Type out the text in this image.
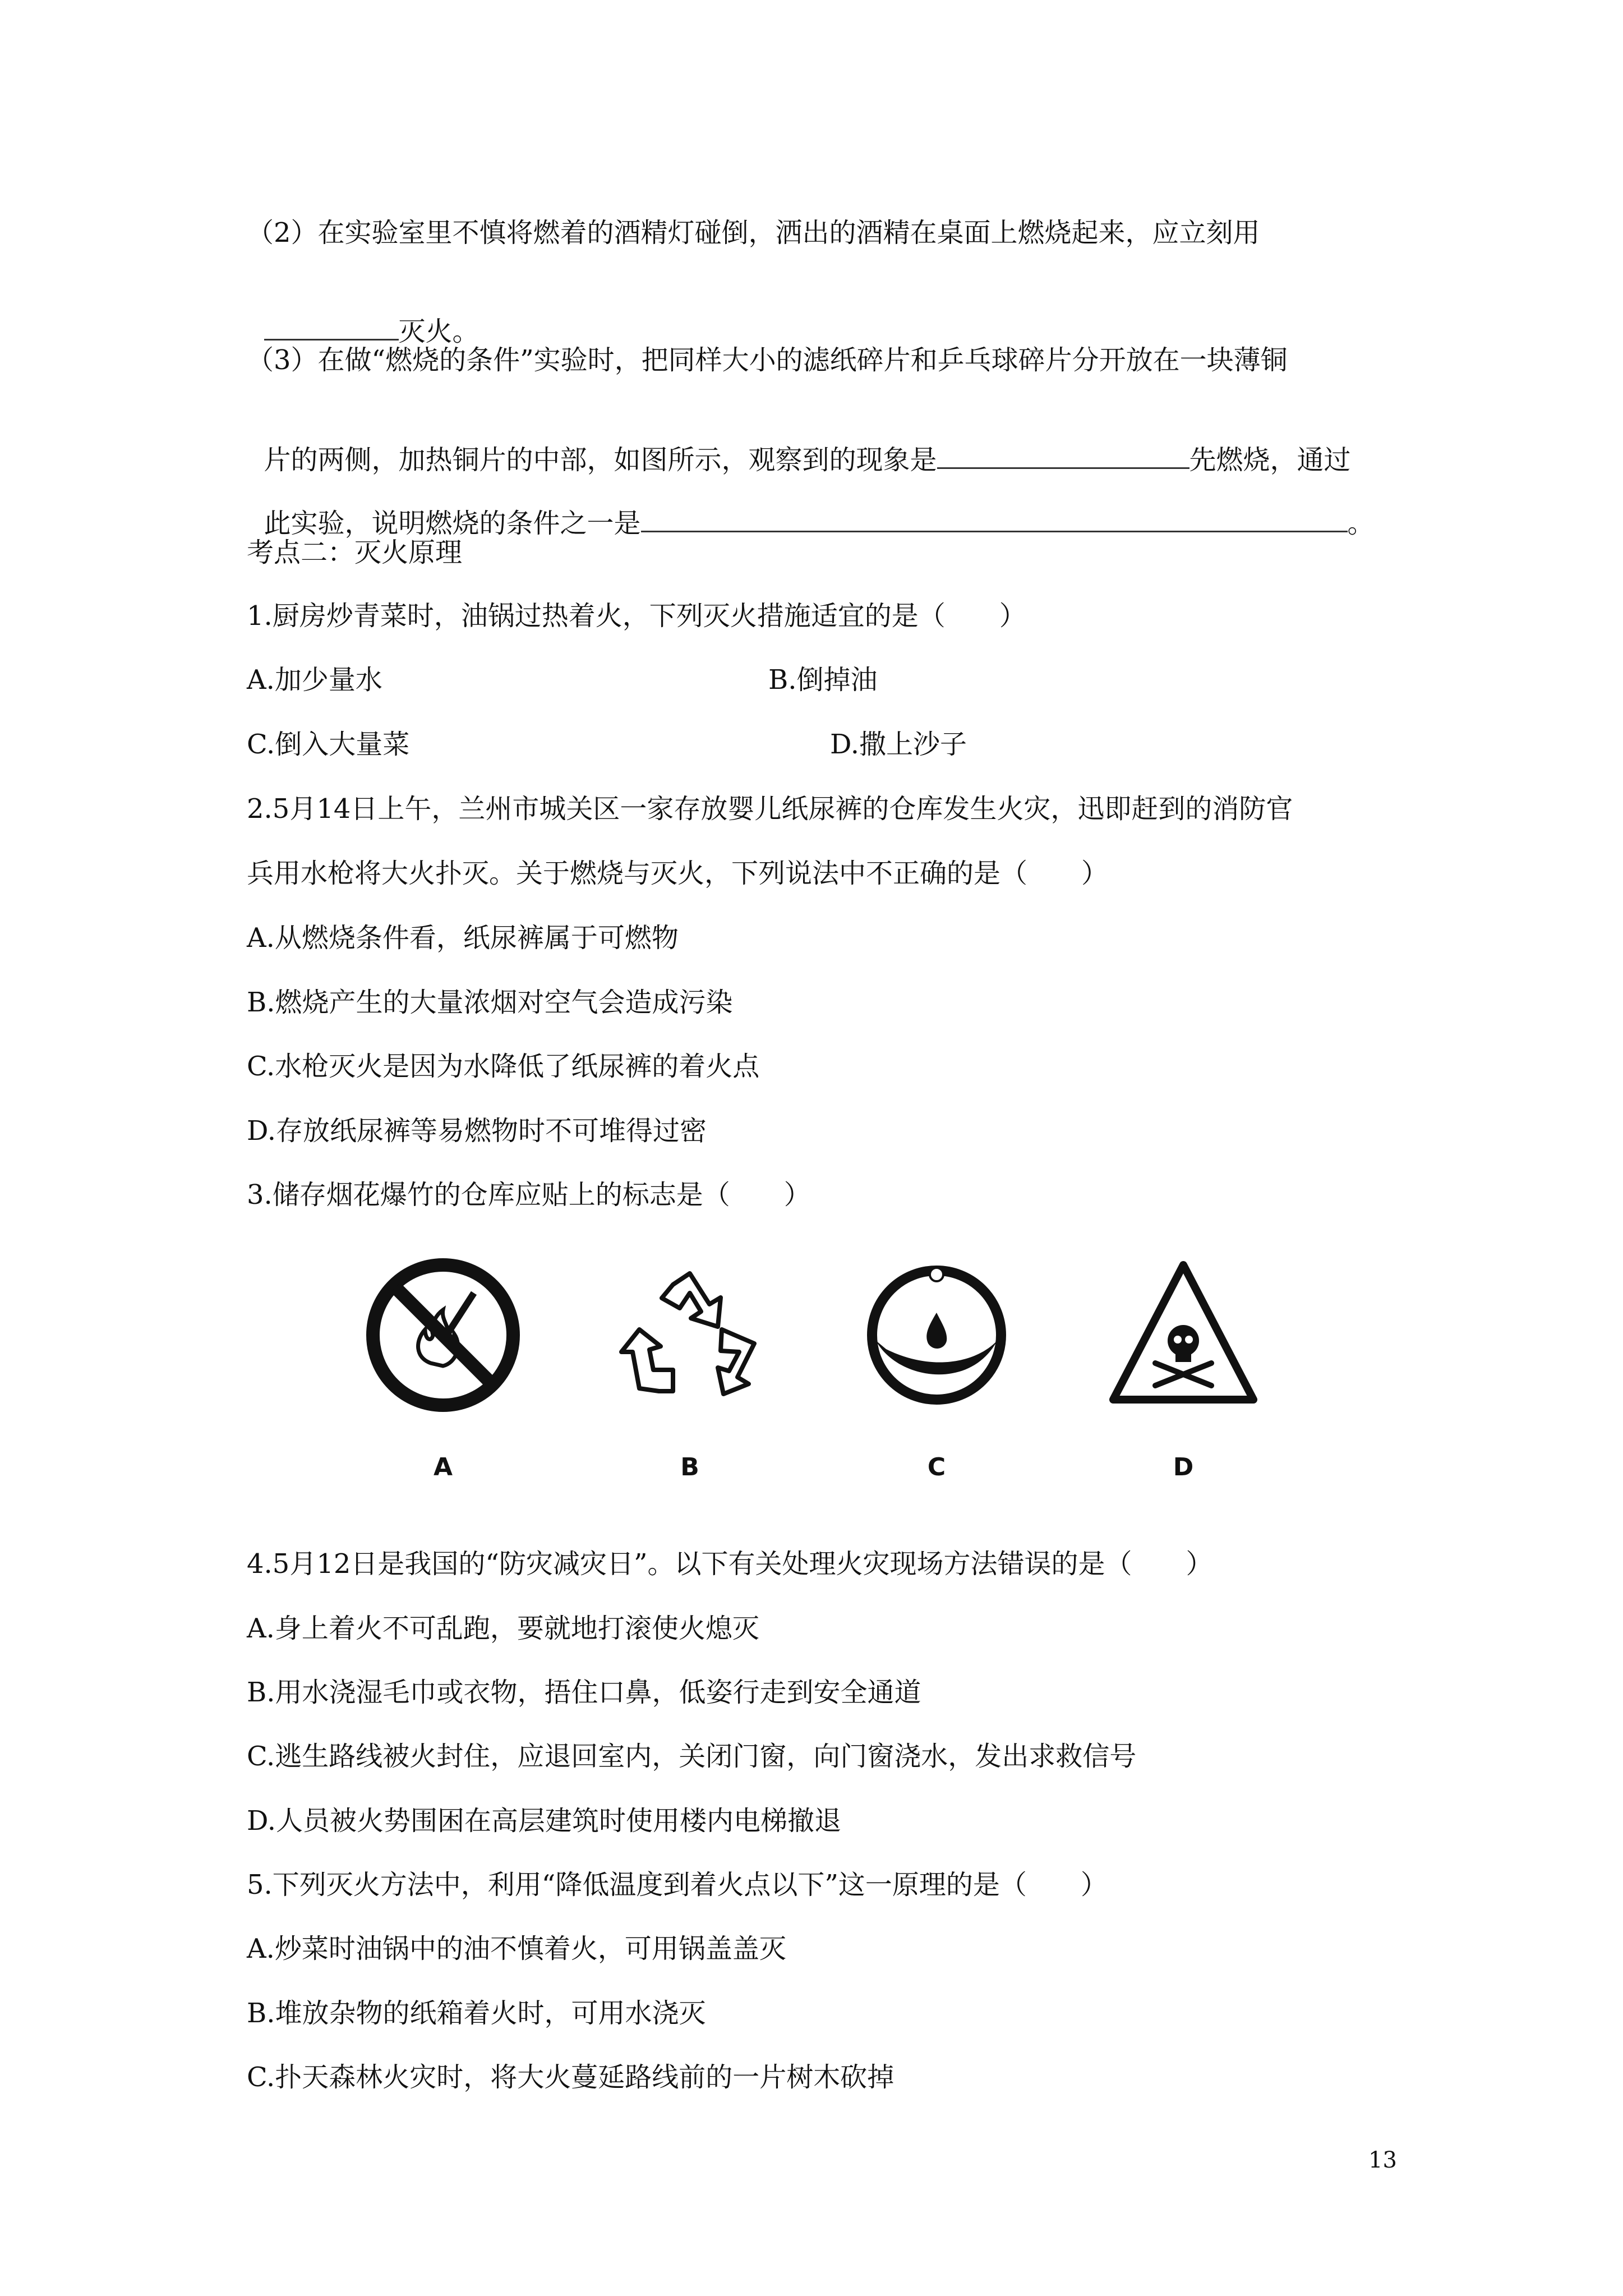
（2）在实验室里不慎将燃着的酒精灯碰倒，洒出的酒精在桌面上燃烧起来，应立刻用

灭火。

（3）在做“燃烧的条件”实验时，把同样大小的滤纸碎片和乒乓球碎片分开放在一块薄铜

片的两侧，加热铜片的中部，如图所示，观察到的现象是	先燃烧，通过

此实验，说明燃烧的条件之一是	。

考点二：灭火原理
1.厨房炒青菜时，油锅过热着火，下列灭火措施适宜的是（　　）
A.加少量水	B.倒掉油
C.倒入大量菜	D.撒上沙子
2.5月14日上午，兰州市城关区一家存放婴儿纸尿裤的仓库发生火灾，迅即赶到的消防官
兵用水枪将大火扑灭。关于燃烧与灭火，下列说法中不正确的是（　　）
A.从燃烧条件看，纸尿裤属于可燃物
B.燃烧产生的大量浓烟对空气会造成污染
C.水枪灭火是因为水降低了纸尿裤的着火点
D.存放纸尿裤等易燃物时不可堆得过密
3.储存烟花爆竹的仓库应贴上的标志是（　　）
A	B	C	D
4.5月12日是我国的“防灾减灾日”。以下有关处理火灾现场方法错误的是（　　）
A.身上着火不可乱跑，要就地打滚使火熄灭
B.用水浇湿毛巾或衣物，捂住口鼻，低姿行走到安全通道
C.逃生路线被火封住，应退回室内，关闭门窗，向门窗浇水，发出求救信号
D.人员被火势围困在高层建筑时使用楼内电梯撤退
5.下列灭火方法中，利用“降低温度到着火点以下”这一原理的是（　　）
A.炒菜时油锅中的油不慎着火，可用锅盖盖灭
B.堆放杂物的纸箱着火时，可用水浇灭
C.扑天森林火灾时，将大火蔓延路线前的一片树木砍掉
13
